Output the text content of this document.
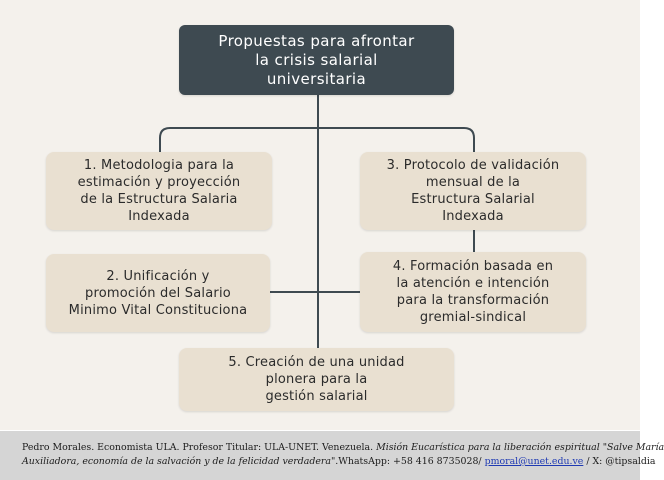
Propuestas para afrontar
la crisis salarial
universitaria
1. Metodologia para la
estimación y proyección
de la Estructura Salaria
Indexada
3. Protocolo de validación
mensual de la
Estructura Salarial
Indexada
2. Unificación y
promoción del Salario
Minimo Vital Constituciona
4. Formación basada en
la atención e intención
para la transformación
gremial-sindical
5. Creación de una unidad
plonera para la
gestión salarial
Pedro Morales. Economista ULA. Profesor Titular: ULA-UNET. Venezuela. Misión Eucarística para la liberación espiritual "Salve María
Auxiliadora, economía de la salvación y de la felicidad verdadera".WhatsApp: +58 416 8735028/ pmoral@unet.edu.ve / X: @tipsaldia
